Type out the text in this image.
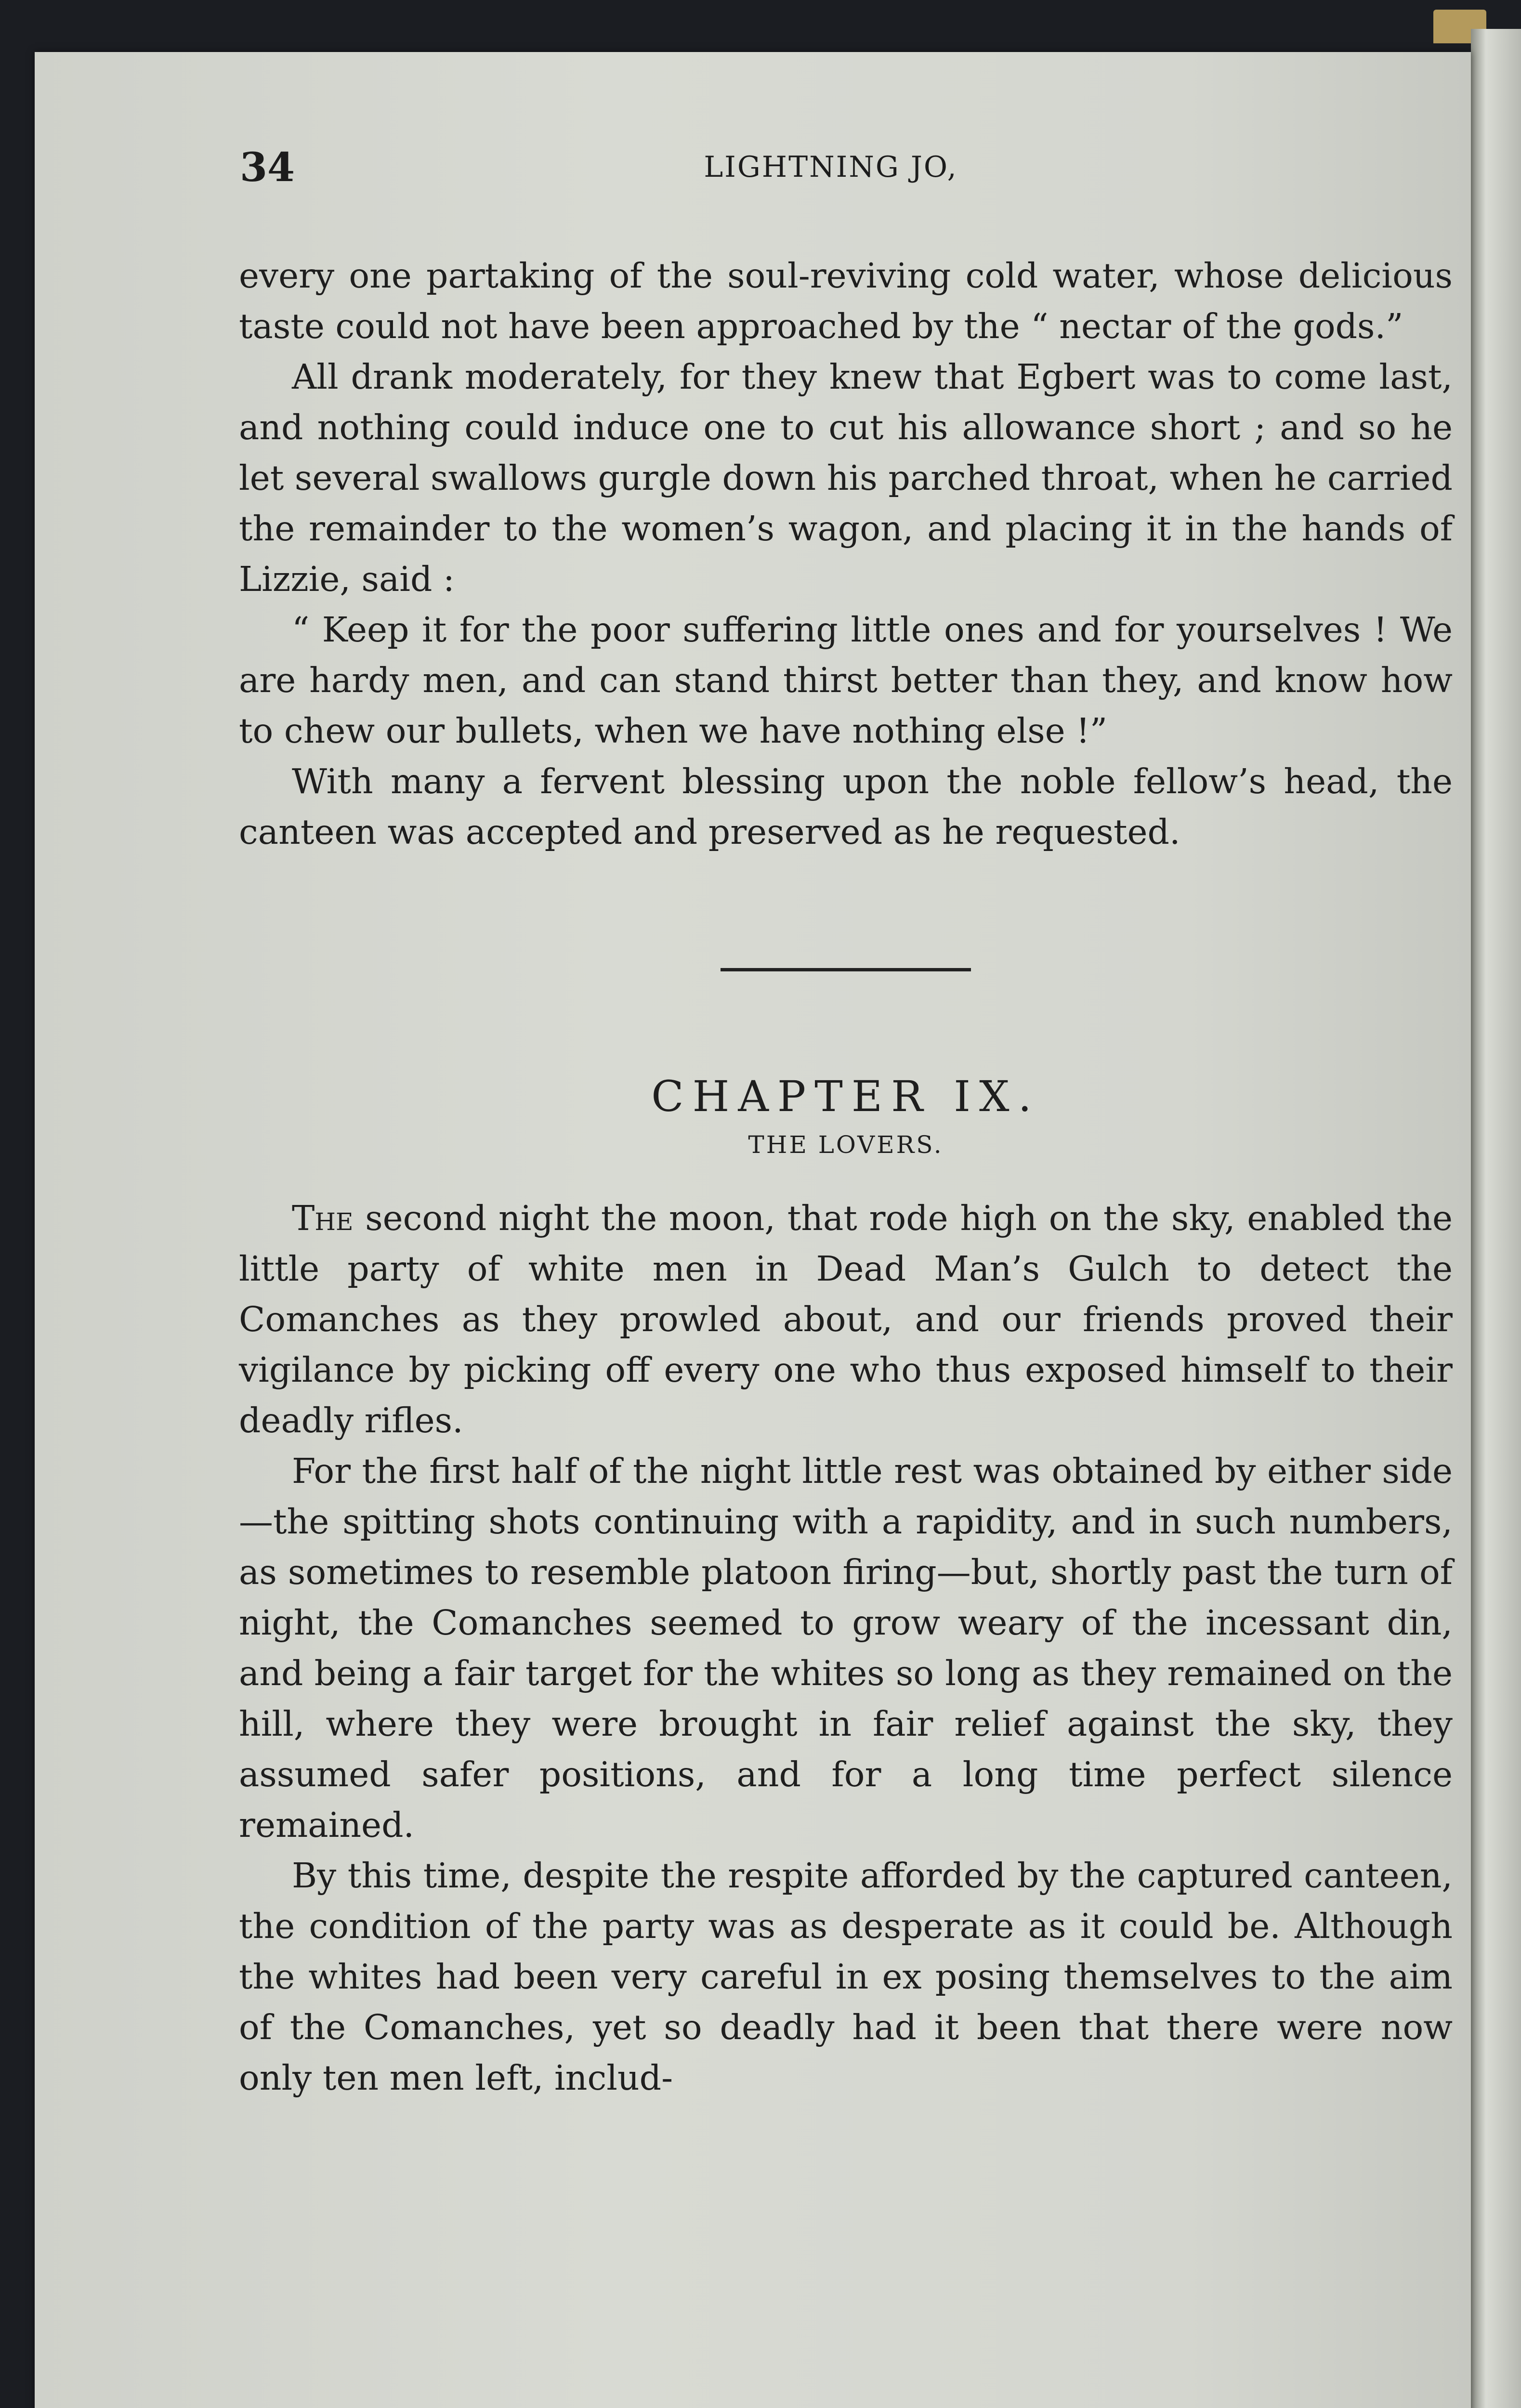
34	LIGHTNING JO,

every one partaking of the soul-reviving cold water, whose delicious taste could not have been approached by the “ nectar of the gods.”

All drank moderately, for they knew that Egbert was to come last, and nothing could induce one to cut his allowance short ; and so he let several swallows gurgle down his parched throat, when he carried the remainder to the women’s wagon, and placing it in the hands of Lizzie, said :

“ Keep it for the poor suffering little ones and for yourselves ! We are hardy men, and can stand thirst better than they, and know how to chew our bullets, when we have nothing else !”

With many a fervent blessing upon the noble fellow’s head, the canteen was accepted and preserved as he requested.

CHAPTER IX.
THE LOVERS.

The second night the moon, that rode high on the sky, enabled the little party of white men in Dead Man’s Gulch to detect the Comanches as they prowled about, and our friends proved their vigilance by picking off every one who thus exposed himself to their deadly rifles.

For the first half of the night little rest was obtained by either side—the spitting shots continuing with a rapidity, and in such numbers, as sometimes to resemble platoon firing—but, shortly past the turn of night, the Comanches seemed to grow weary of the incessant din, and being a fair target for the whites so long as they remained on the hill, where they were brought in fair relief against the sky, they assumed safer positions, and for a long time perfect silence remained.

By this time, despite the respite afforded by the captured canteen, the condition of the party was as desperate as it could be. Although the whites had been very careful in ex posing themselves to the aim of the Comanches, yet so deadly had it been that there were now only ten men left, includ-
